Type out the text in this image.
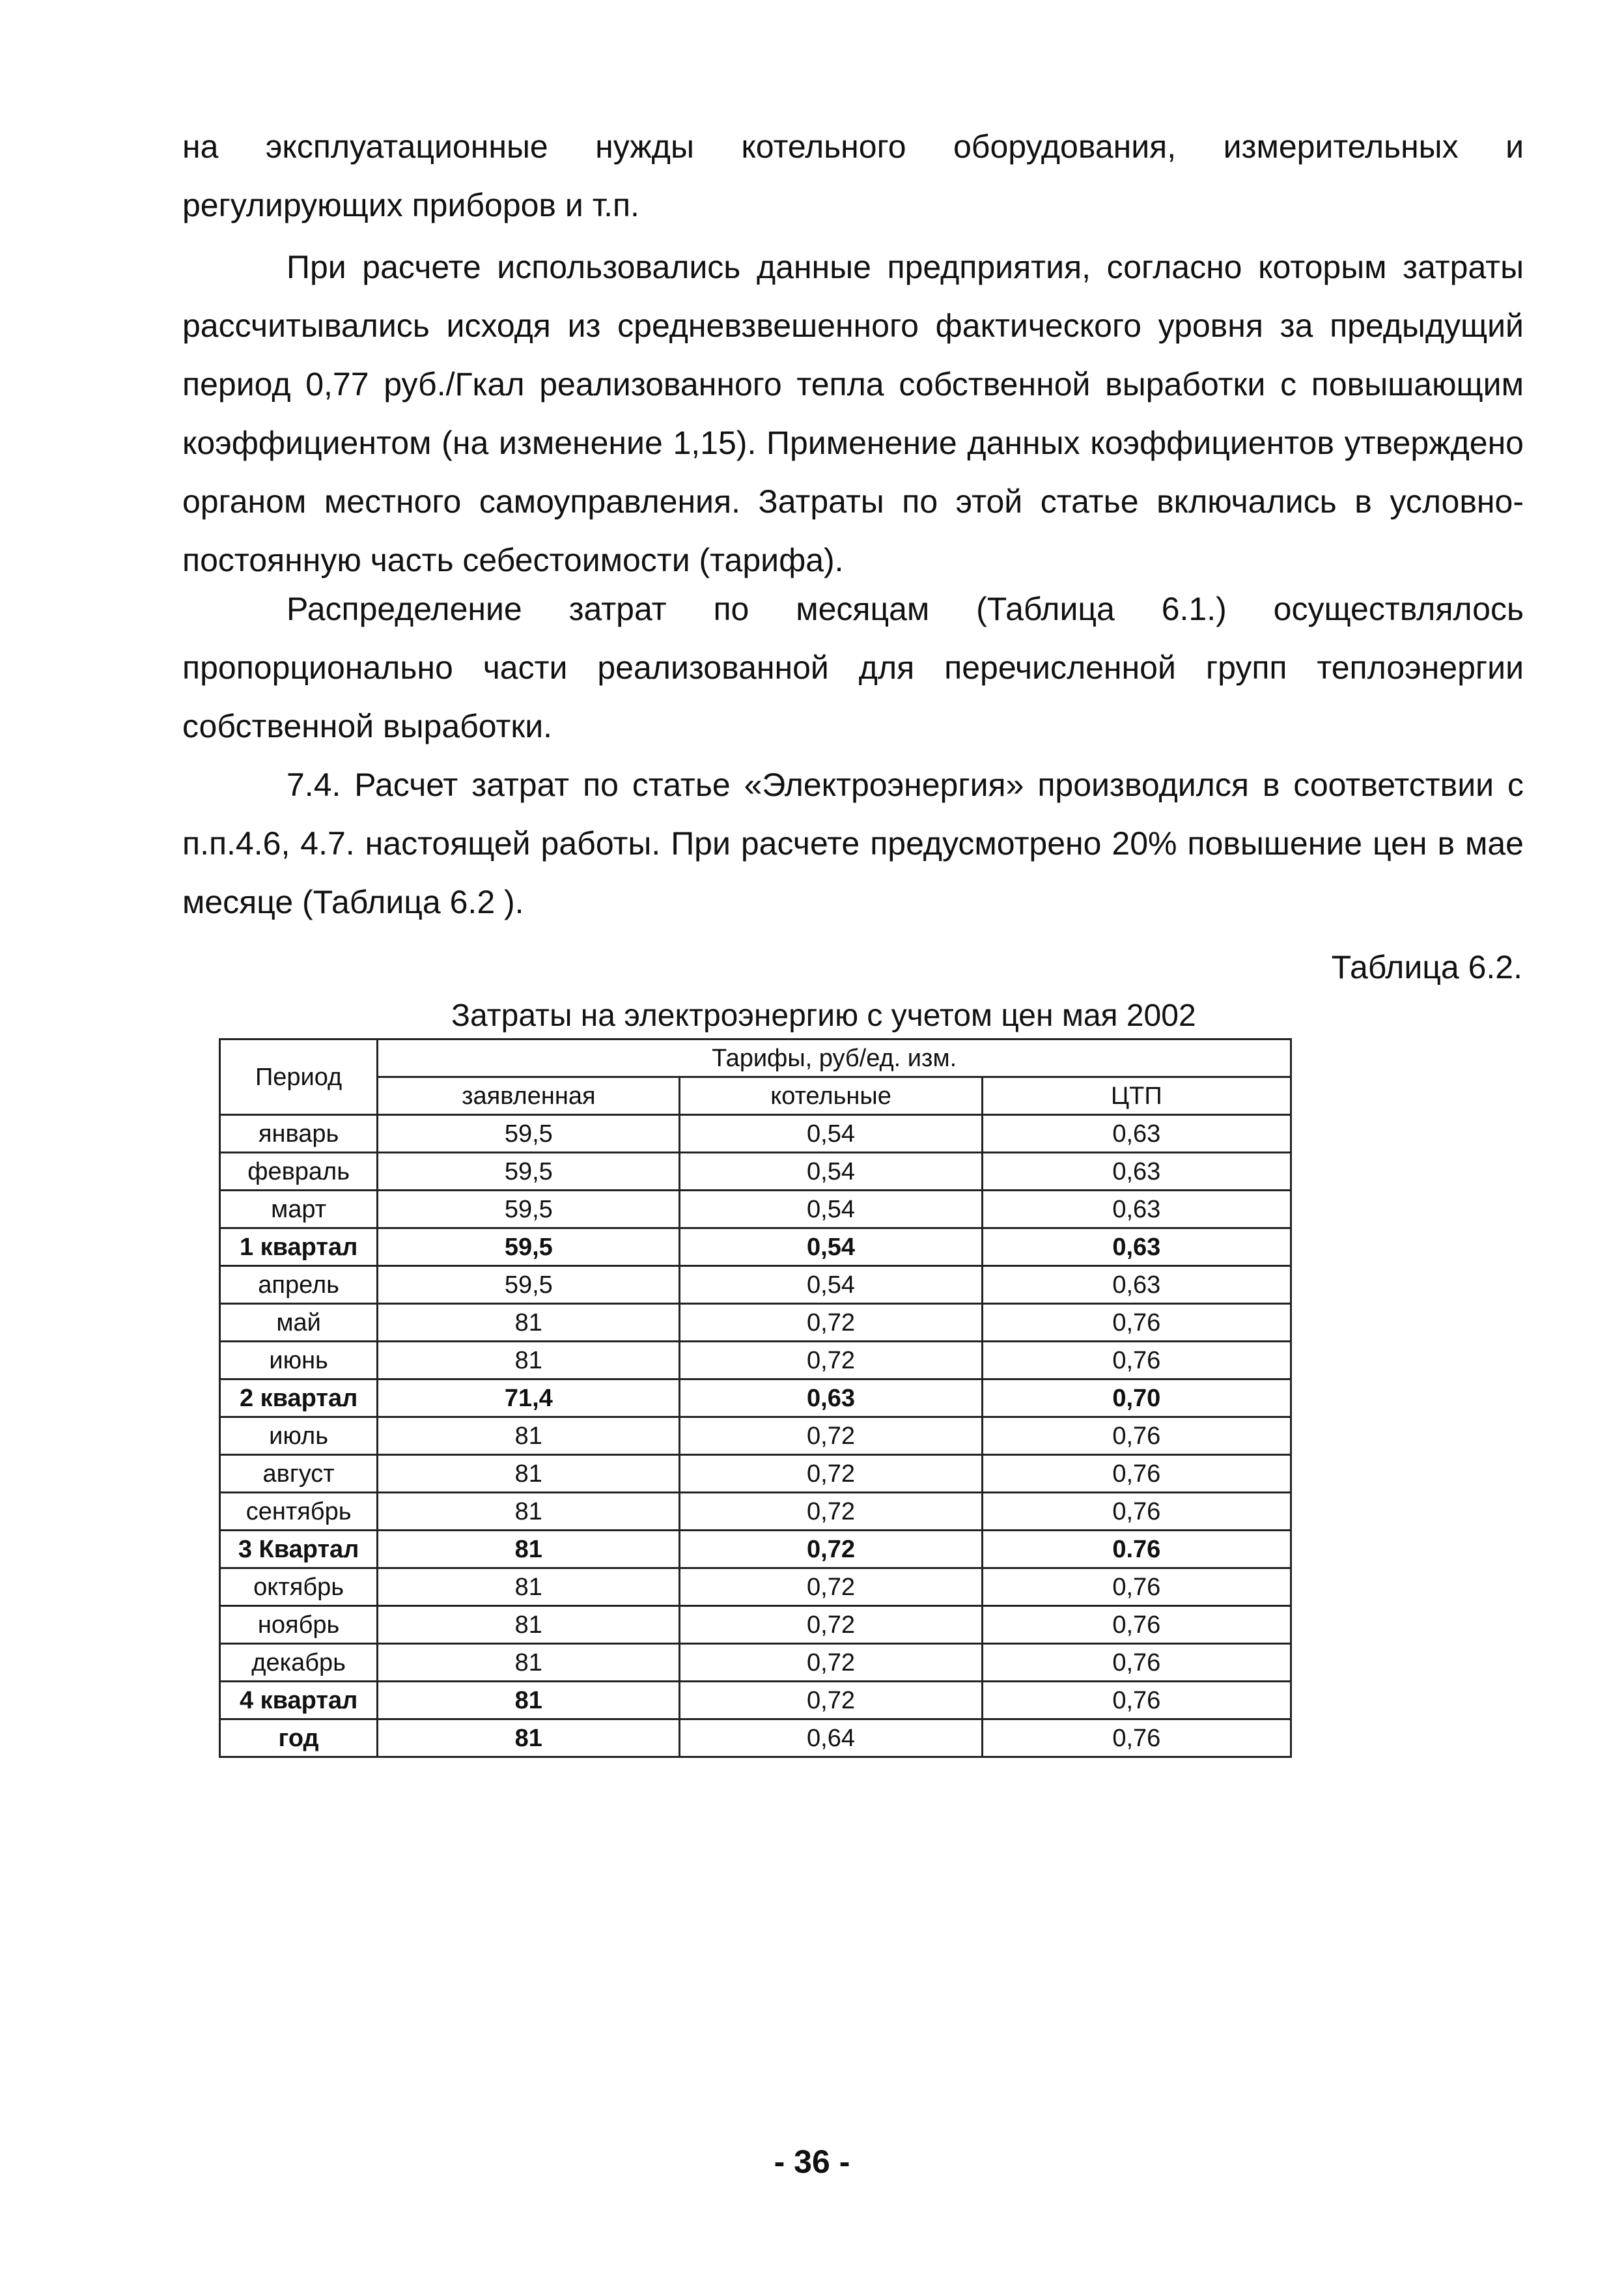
на эксплуатационные нужды котельного оборудования, измерительных и регулирующих приборов и т.п.

При расчете использовались данные предприятия, согласно которым затраты рассчитывались исходя из средневзвешенного фактического уровня за предыдущий период 0,77 руб./Гкал реализованного тепла собственной выработки с повышающим коэффициентом (на изменение 1,15). Применение данных коэффициентов утверждено органом местного самоуправления. Затраты по этой статье включались в условно-постоянную часть себестоимости (тарифа).

Распределение затрат по месяцам (Таблица 6.1.) осуществлялось пропорционально части реализованной для перечисленной групп теплоэнергии собственной выработки.

7.4. Расчет затрат по статье «Электроэнергия» производился в соответствии с п.п.4.6, 4.7. настоящей работы. При расчете предусмотрено 20% повышение цен в мае месяце (Таблица 6.2 ).

Таблица 6.2.

Затраты на электроэнергию с учетом цен мая 2002

Период	Тарифы, руб/ед. изм.		
	заявленная	котельные	ЦТП
январь	59,5	0,54	0,63
февраль	59,5	0,54	0,63
март	59,5	0,54	0,63
1 квартал	59,5	0,54	0,63
апрель	59,5	0,54	0,63
май	81	0,72	0,76
июнь	81	0,72	0,76
2 квартал	71,4	0,63	0,70
июль	81	0,72	0,76
август	81	0,72	0,76
сентябрь	81	0,72	0,76
3 Квартал	81	0,72	0.76
октябрь	81	0,72	0,76
ноябрь	81	0,72	0,76
декабрь	81	0,72	0,76
4 квартал	81	0,72	0,76
год	81	0,64	0,76

- 36 -
